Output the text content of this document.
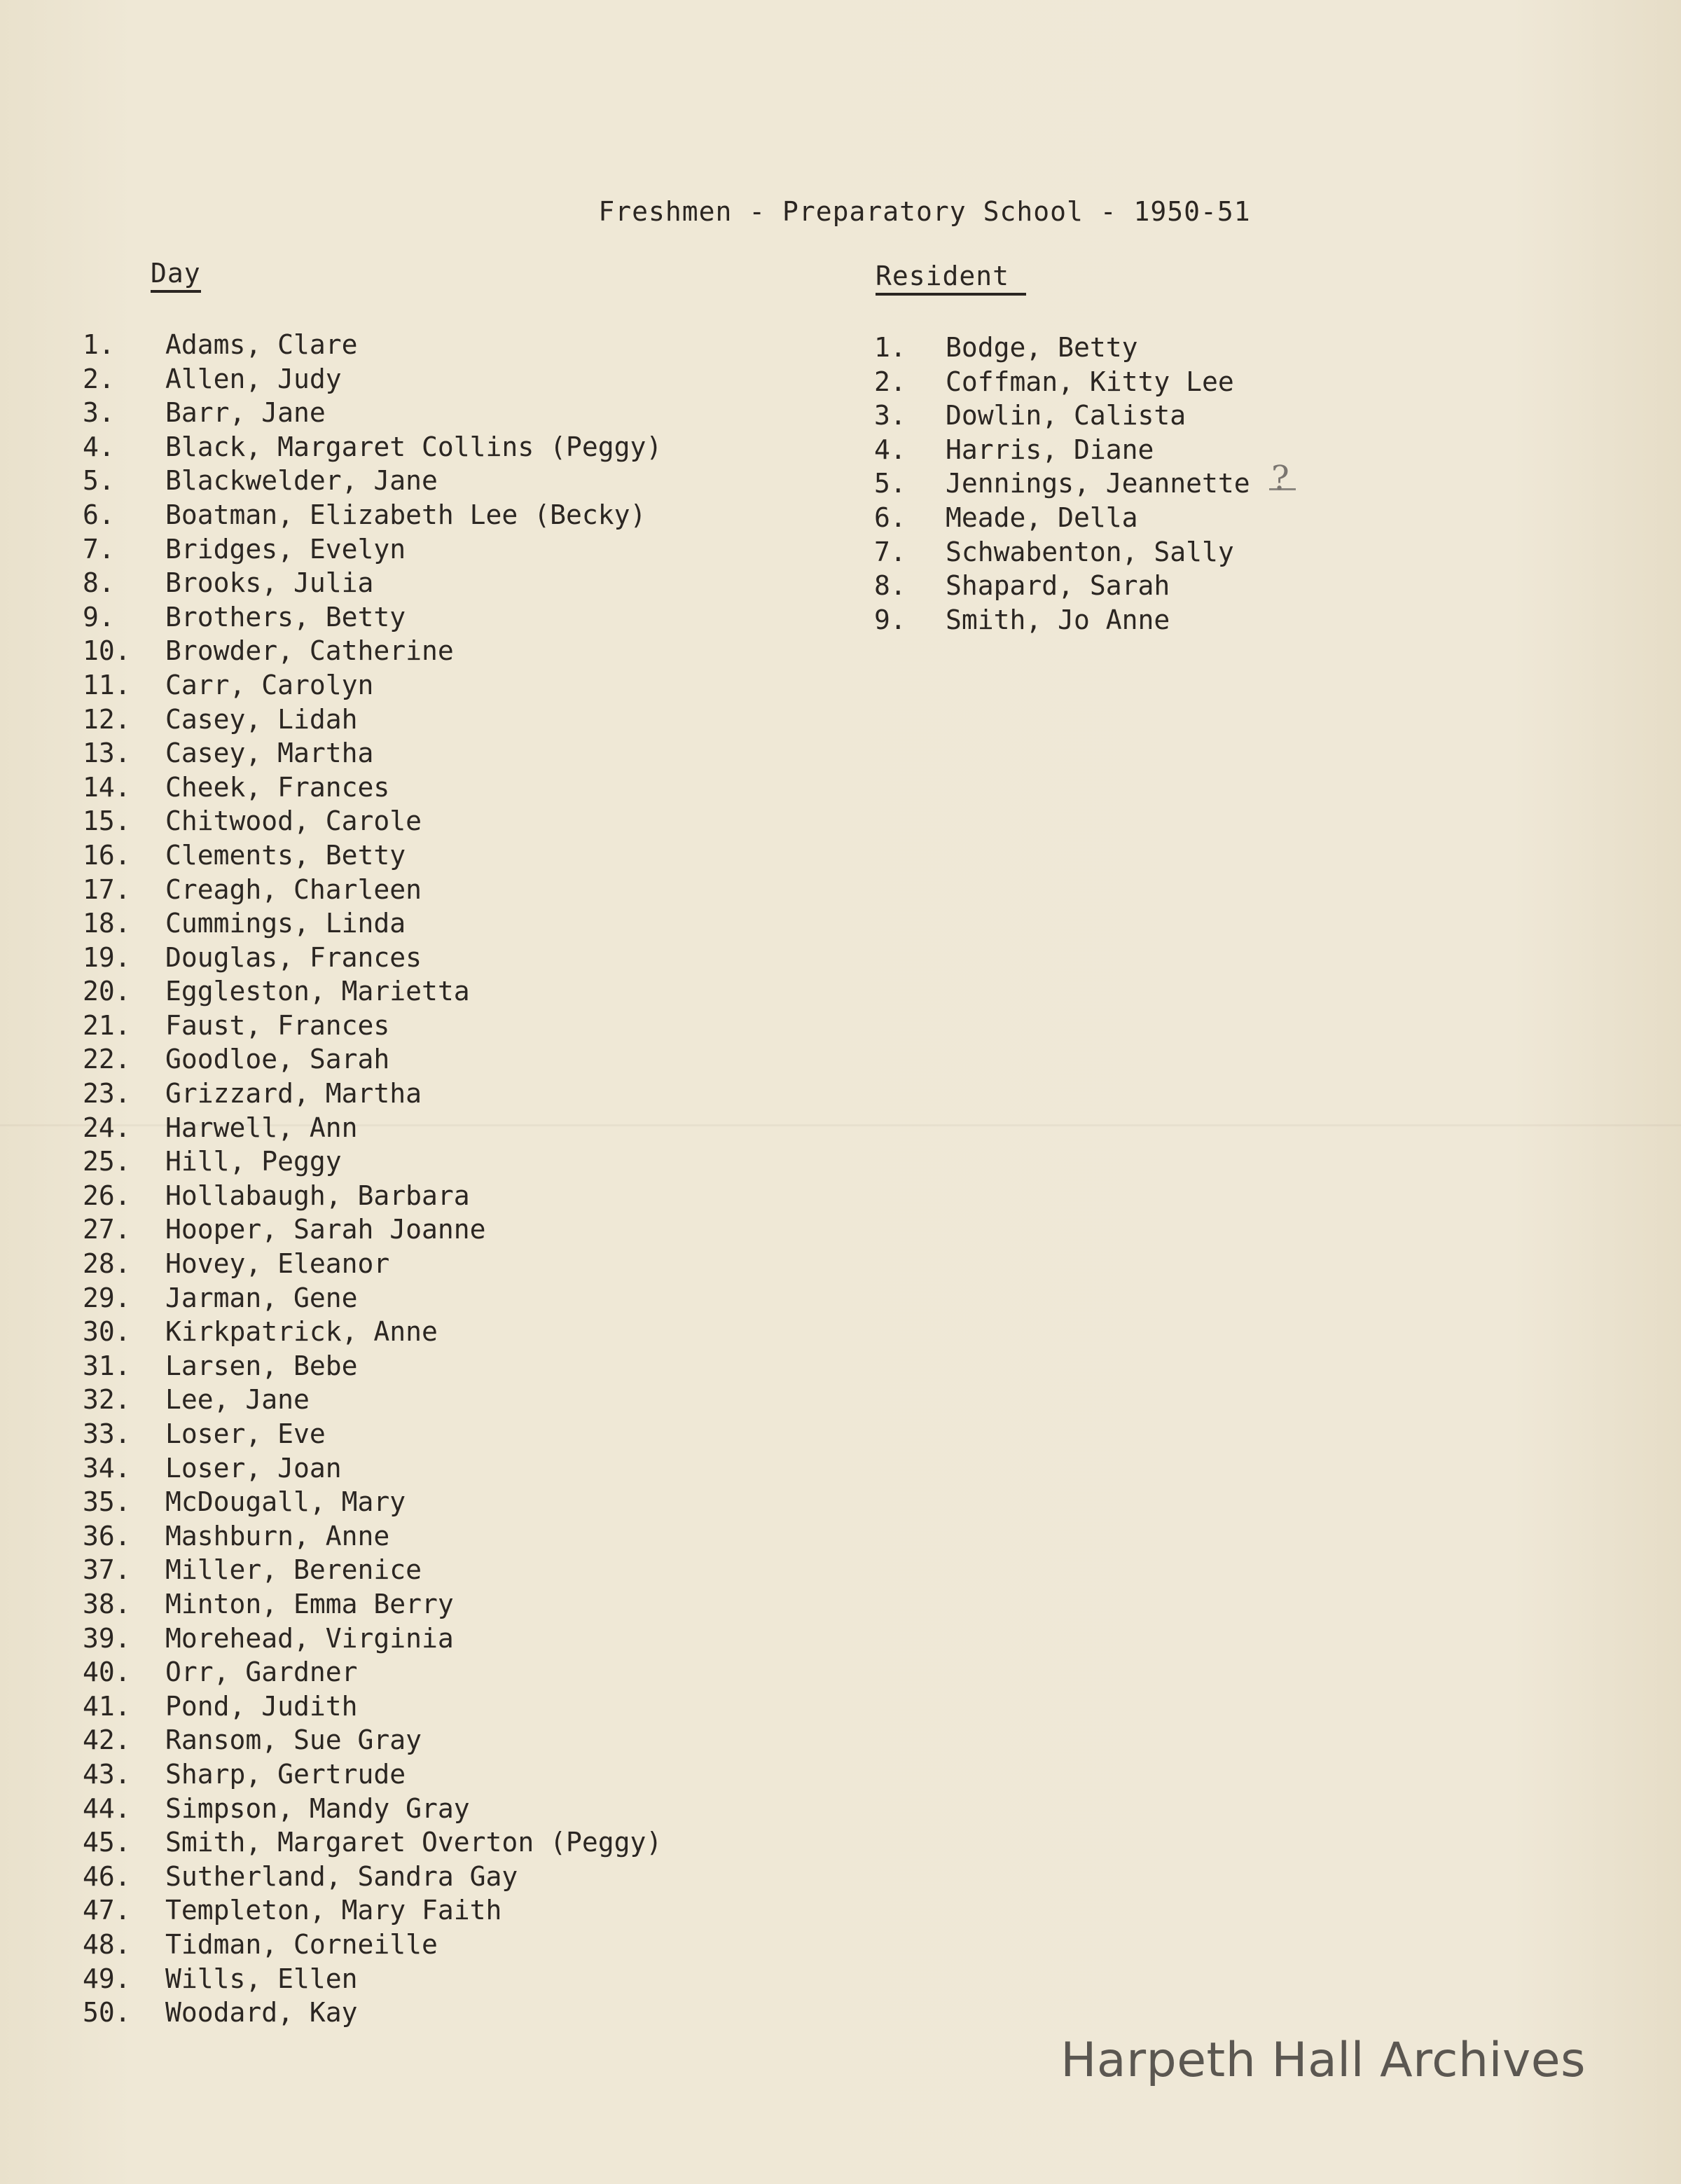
Freshmen - Preparatory School - 1950-51
Day
1. Adams, Clare
2. Allen, Judy
3. Barr, Jane
4. Black, Margaret Collins (Peggy)
5. Blackwelder, Jane
6. Boatman, Elizabeth Lee (Becky)
7. Bridges, Evelyn
8. Brooks, Julia
9. Brothers, Betty
10. Browder, Catherine
11. Carr, Carolyn
12. Casey, Lidah
13. Casey, Martha
14. Cheek, Frances
15. Chitwood, Carole
16. Clements, Betty
17. Creagh, Charleen
18. Cummings, Linda
19. Douglas, Frances
20. Eggleston, Marietta
21. Faust, Frances
22. Goodloe, Sarah
23. Grizzard, Martha
24. Harwell, Ann
25. Hill, Peggy
26. Hollabaugh, Barbara
27. Hooper, Sarah Joanne
28. Hovey, Eleanor
29. Jarman, Gene
30. Kirkpatrick, Anne
31. Larsen, Bebe
32. Lee, Jane
33. Loser, Eve
34. Loser, Joan
35. McDougall, Mary
36. Mashburn, Anne
37. Miller, Berenice
38. Minton, Emma Berry
39. Morehead, Virginia
40. Orr, Gardner
41. Pond, Judith
42. Ransom, Sue Gray
43. Sharp, Gertrude
44. Simpson, Mandy Gray
45. Smith, Margaret Overton (Peggy)
46. Sutherland, Sandra Gay
47. Templeton, Mary Faith
48. Tidman, Corneille
49. Wills, Ellen
50. Woodard, Kay
Resident
1. Bodge, Betty
2. Coffman, Kitty Lee
3. Dowlin, Calista
4. Harris, Diane
5. Jennings, Jeannette
6. Meade, Della
7. Schwabenton, Sally
8. Shapard, Sarah
9. Smith, Jo Anne
?
Harpeth Hall Archives
